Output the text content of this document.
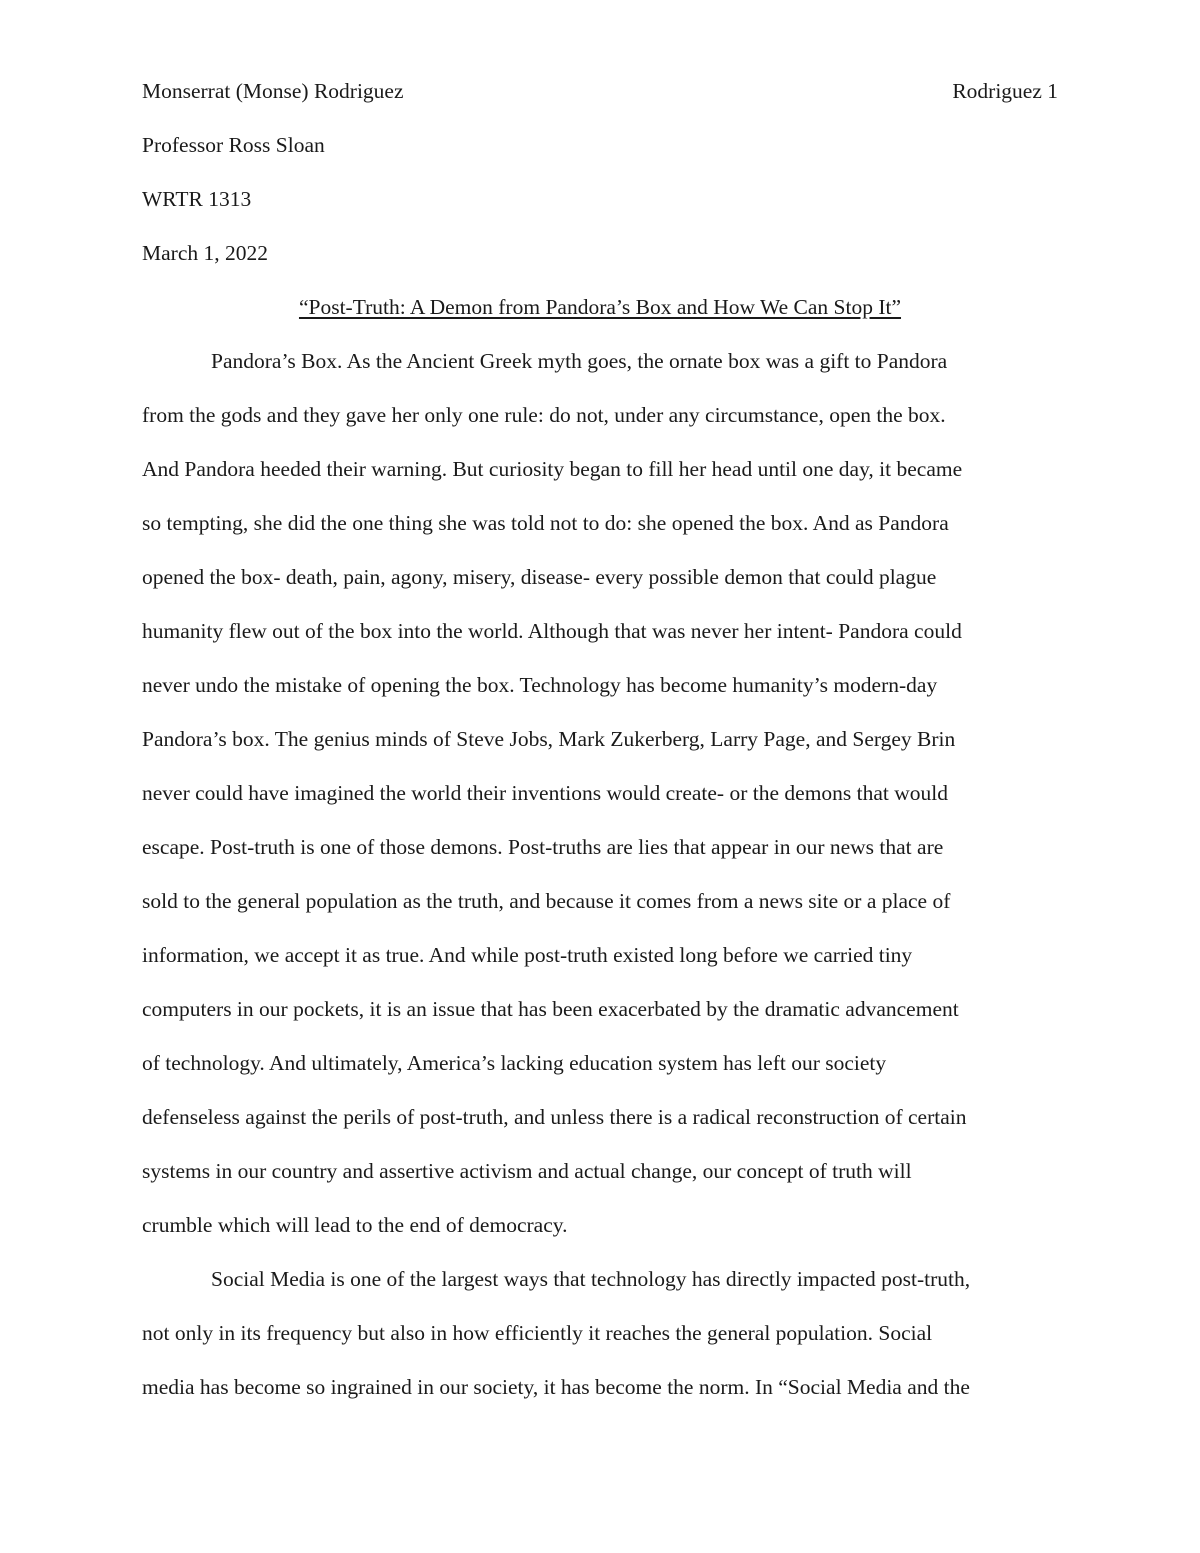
Monserrat (Monse) Rodriguez	Rodriguez 1
Professor Ross Sloan
WRTR 1313
March 1, 2022
“Post-Truth: A Demon from Pandora’s Box and How We Can Stop It”
Pandora’s Box. As the Ancient Greek myth goes, the ornate box was a gift to Pandora
from the gods and they gave her only one rule: do not, under any circumstance, open the box.
And Pandora heeded their warning. But curiosity began to fill her head until one day, it became
so tempting, she did the one thing she was told not to do: she opened the box. And as Pandora
opened the box- death, pain, agony, misery, disease- every possible demon that could plague
humanity flew out of the box into the world. Although that was never her intent- Pandora could
never undo the mistake of opening the box. Technology has become humanity’s modern-day
Pandora’s box. The genius minds of Steve Jobs, Mark Zukerberg, Larry Page, and Sergey Brin
never could have imagined the world their inventions would create- or the demons that would
escape. Post-truth is one of those demons. Post-truths are lies that appear in our news that are
sold to the general population as the truth, and because it comes from a news site or a place of
information, we accept it as true. And while post-truth existed long before we carried tiny
computers in our pockets, it is an issue that has been exacerbated by the dramatic advancement
of technology. And ultimately, America’s lacking education system has left our society
defenseless against the perils of post-truth, and unless there is a radical reconstruction of certain
systems in our country and assertive activism and actual change, our concept of truth will
crumble which will lead to the end of democracy.
Social Media is one of the largest ways that technology has directly impacted post-truth,
not only in its frequency but also in how efficiently it reaches the general population. Social
media has become so ingrained in our society, it has become the norm. In “Social Media and the
